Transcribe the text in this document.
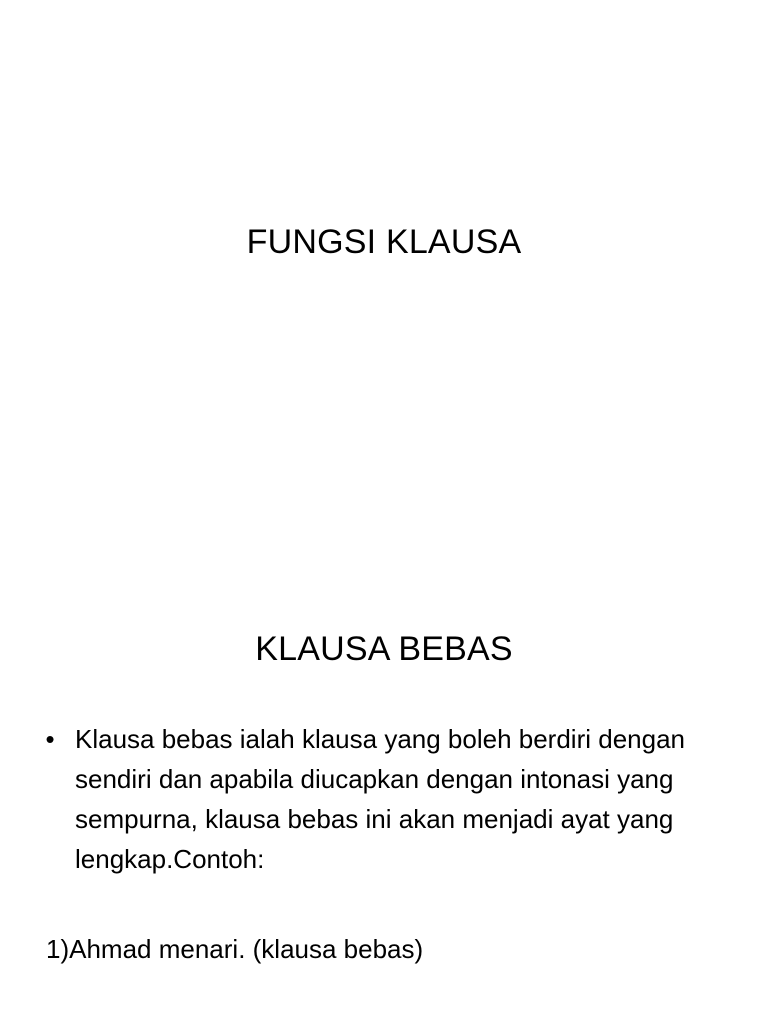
FUNGSI KLAUSA
KLAUSA BEBAS
• Klausa bebas ialah klausa yang boleh berdiri dengan sendiri dan apabila diucapkan dengan intonasi yang sempurna, klausa bebas ini akan menjadi ayat yang lengkap.Contoh:
1)Ahmad menari. (klausa bebas)
